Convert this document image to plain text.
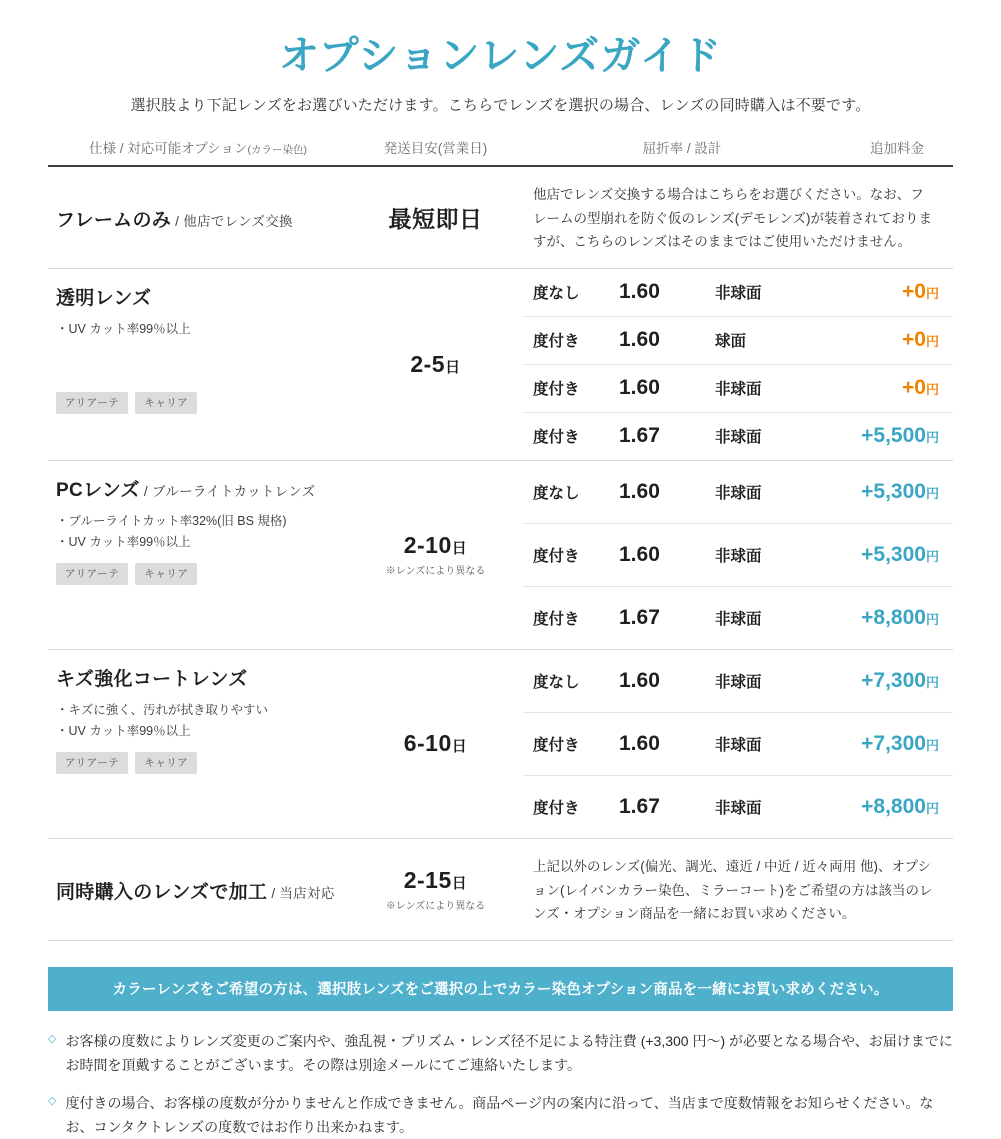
オプションレンズガイド
選択肢より下記レンズをお選びいただけます。こちらでレンズを選択の場合、レンズの同時購入は不要です。
仕様 / 対応可能オプション(カラー染色)	発送目安(営業日)	屈折率 / 設計	追加料金
フレームのみ / 他店でレンズ交換	最短即日
他店でレンズ交換する場合はこちらをお選びください。なお、フレームの型崩れを防ぐ仮のレンズ(デモレンズ)が装着されておりますが、こちらのレンズはそのままではご使用いただけません。
透明レンズ
・UV カット率99％以上
アリアーテ	キャリア
2-5日
度なし	1.60	非球面	+0円
度付き	1.60	球面	+0円
度付き	1.60	非球面	+0円
度付き	1.67	非球面	+5,500円
PCレンズ / ブルーライトカットレンズ
・ブルーライトカット率32%(旧 BS 規格)
・UV カット率99％以上
アリアーテ	キャリア
2-10日
※レンズにより異なる
度なし	1.60	非球面	+5,300円
度付き	1.60	非球面	+5,300円
度付き	1.67	非球面	+8,800円
キズ強化コートレンズ
・キズに強く、汚れが拭き取りやすい
・UV カット率99％以上
アリアーテ	キャリア
6-10日
度なし	1.60	非球面	+7,300円
度付き	1.60	非球面	+7,300円
度付き	1.67	非球面	+8,800円
同時購入のレンズで加工 / 当店対応
2-15日
※レンズにより異なる
上記以外のレンズ(偏光、調光、遠近 / 中近 / 近々両用 他)、オプション(レイバンカラー染色、ミラーコート)をご希望の方は該当のレンズ・オプション商品を一緒にお買い求めください。
カラーレンズをご希望の方は、選択肢レンズをご選択の上でカラー染色オプション商品を一緒にお買い求めください。
◇ お客様の度数によりレンズ変更のご案内や、強乱視・プリズム・レンズ径不足による特注費 (+3,300 円〜) が必要となる場合や、お届けまでにお時間を頂戴することがございます。その際は別途メールにてご連絡いたします。
◇ 度付きの場合、お客様の度数が分かりませんと作成できません。商品ページ内の案内に沿って、当店まで度数情報をお知らせください。なお、コンタクトレンズの度数ではお作り出来かねます。
